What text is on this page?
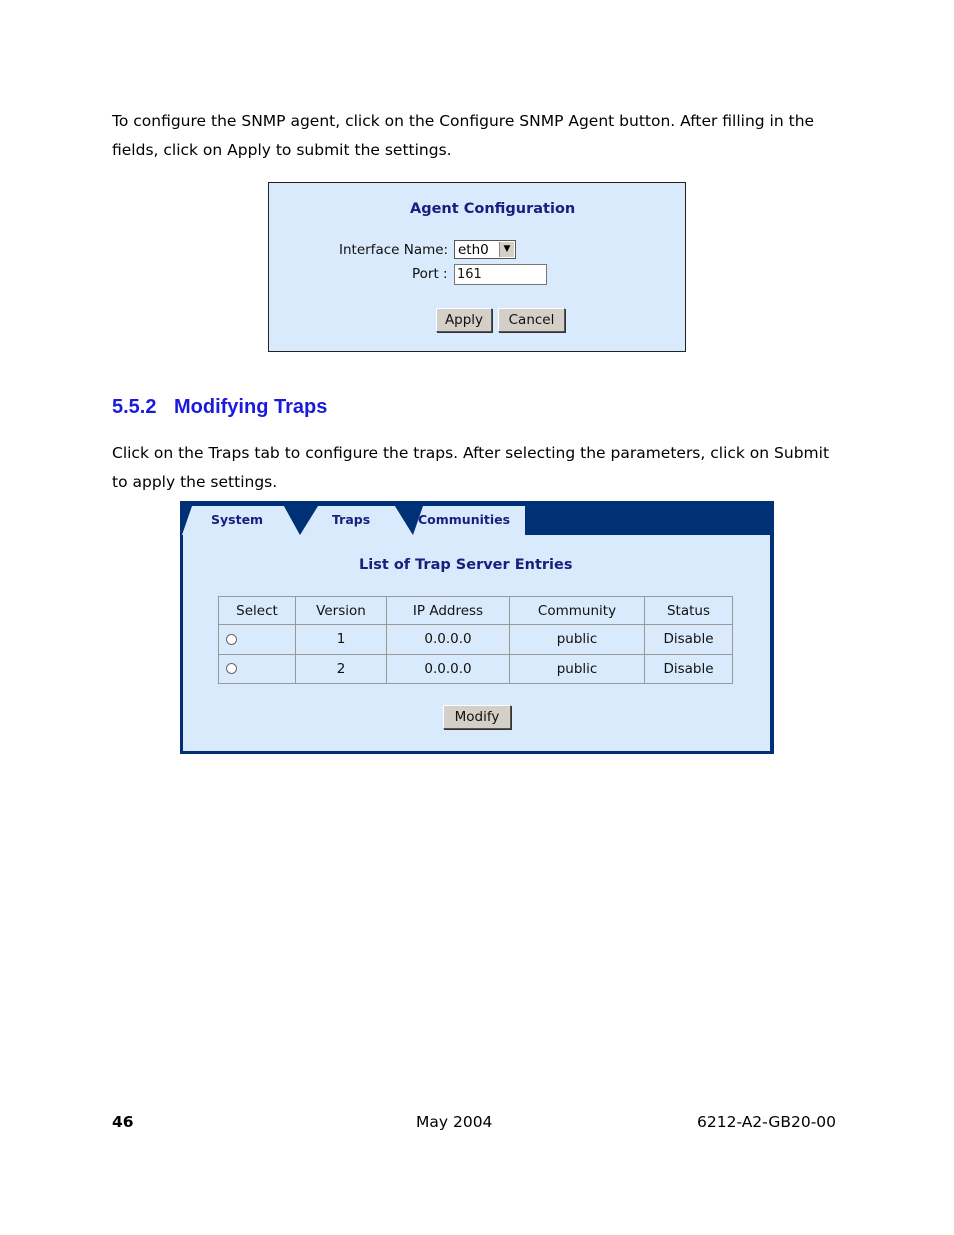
To configure the SNMP agent, click on the Configure SNMP Agent button. After filling in the fields, click on Apply to submit the settings.

Agent Configuration
Interface Name: eth0	▼
Port :
161
Apply	Cancel
5.5.2 Modifying Traps

Click on the Traps tab to configure the traps. After selecting the parameters, click on Submit to apply the settings.

System	Traps	Communities
List of Trap Server Entries
Select	Version	IP Address	Community	Status
	1	0.0.0.0	public	Disable
	2	0.0.0.0	public	Disable
Modify
46	May 2004	6212-A2-GB20-00
